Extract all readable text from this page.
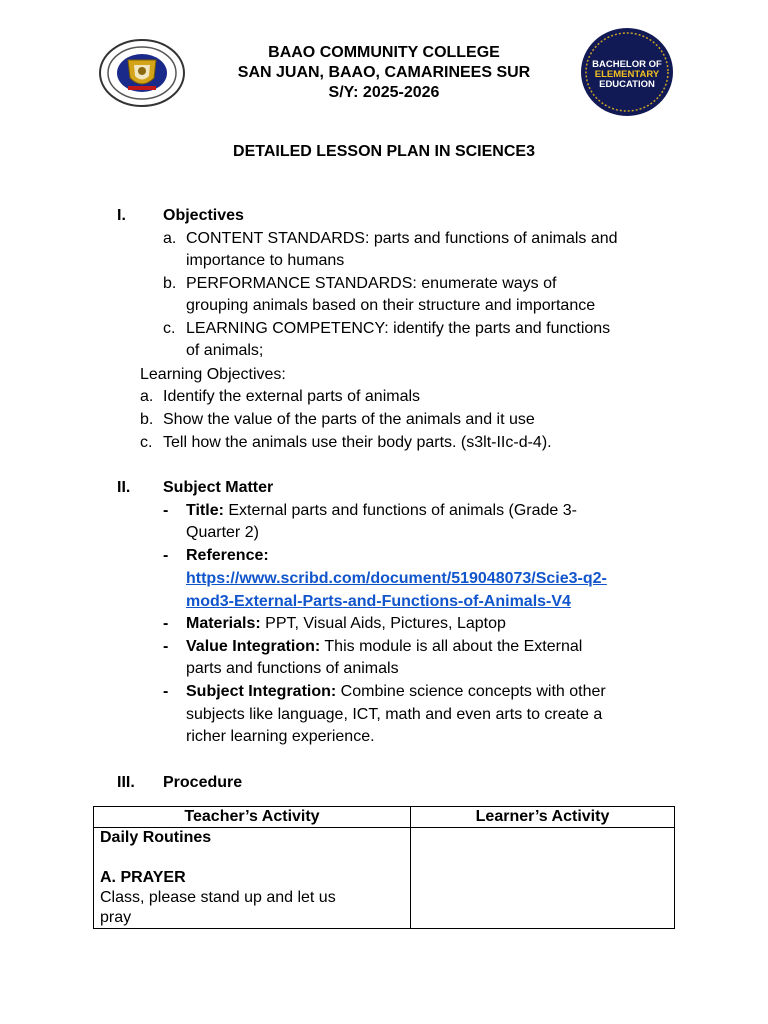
BACHELOR OF
ELEMENTARY
EDUCATION
BAAO COMMUNITY COLLEGE
SAN JUAN, BAAO, CAMARINEES SUR
S/Y: 2025-2026
DETAILED LESSON PLAN IN SCIENCE3
I. Objectives
a. CONTENT STANDARDS: parts and functions of animals and
importance to humans
b. PERFORMANCE STANDARDS: enumerate ways of
grouping animals based on their structure and importance
c. LEARNING COMPETENCY: identify the parts and functions
of animals;
Learning Objectives:
a. Identify the external parts of animals
b. Show the value of the parts of the animals and it use
c. Tell how the animals use their body parts. (s3lt-IIc-d-4).
II. Subject Matter
- Title: External parts and functions of animals (Grade 3-
Quarter 2)
- Reference:
https://www.scribd.com/document/519048073/Scie3-q2-
mod3-External-Parts-and-Functions-of-Animals-V4
- Materials: PPT, Visual Aids, Pictures, Laptop
- Value Integration: This module is all about the External
parts and functions of animals
- Subject Integration: Combine science concepts with other
subjects like language, ICT, math and even arts to create a
richer learning experience.
III. Procedure
Teacher’s Activity	Learner’s Activity

Daily Routines
A. PRAYER
Class, please stand up and let us
pray	
